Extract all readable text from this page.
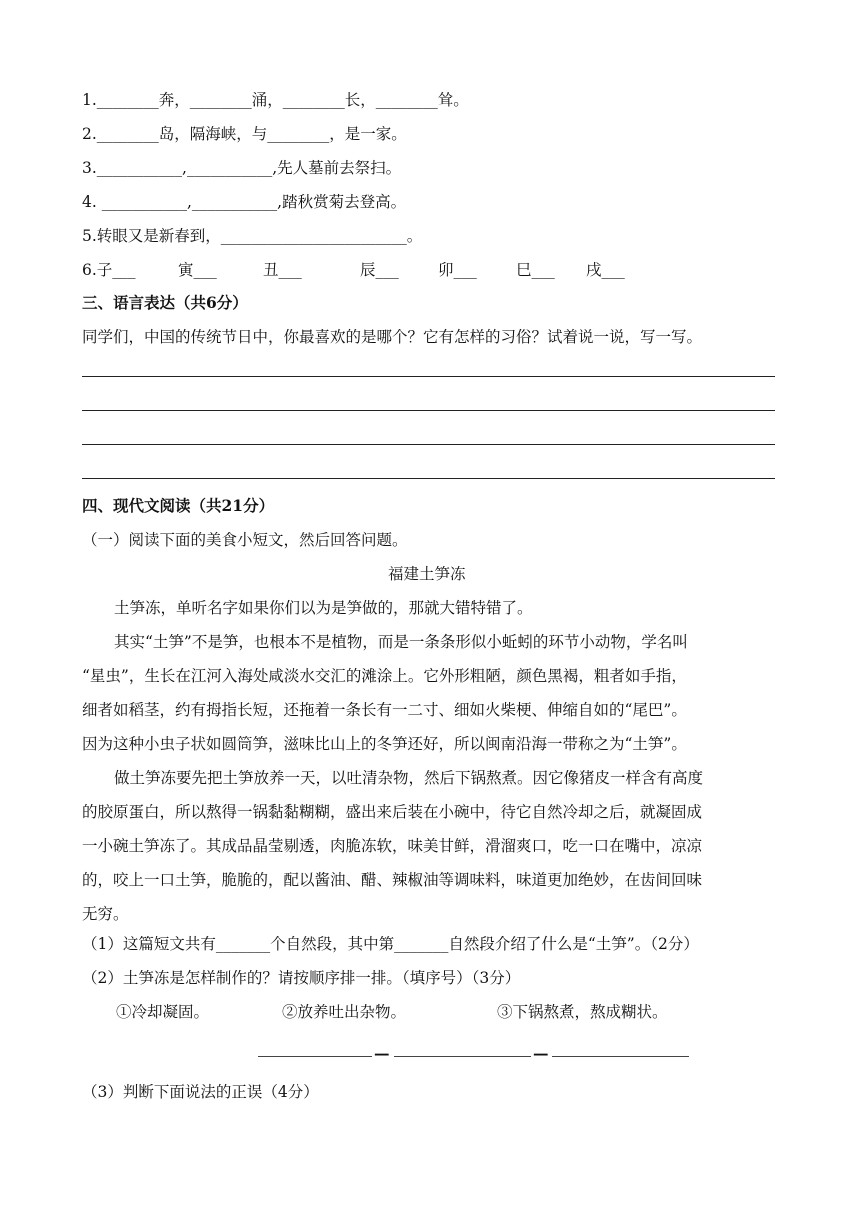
1.________奔，________涌，________长，________耸。
2.________岛，隔海峡，与________，是一家。
3.___________,___________,先人墓前去祭扫。
4. ___________,___________,踏秋赏菊去登高。
5.转眼又是新春到，________________________。
6.子___	寅___	丑___	辰___	卯___	巳___ 戌___
三、语言表达（共6分）
同学们，中国的传统节日中，你最喜欢的是哪个？它有怎样的习俗？试着说一说，写一写。
四、现代文阅读（共21分）
（一）阅读下面的美食小短文，然后回答问题。
福建土笋冻
土笋冻，单听名字如果你们以为是笋做的，那就大错特错了。
其实“土笋”不是笋，也根本不是植物，而是一条条形似小蚯蚓的环节小动物，学名叫
“星虫”，生长在江河入海处咸淡水交汇的滩涂上。它外形粗陋，颜色黑褐，粗者如手指，
细者如稻茎，约有拇指长短，还拖着一条长有一二寸、细如火柴梗、伸缩自如的“尾巴”。
因为这种小虫子状如圆筒笋，滋味比山上的冬笋还好，所以闽南沿海一带称之为“土笋”。
做土笋冻要先把土笋放养一天，以吐清杂物，然后下锅熬煮。因它像猪皮一样含有高度
的胶原蛋白，所以熬得一锅黏黏糊糊，盛出来后装在小碗中，待它自然冷却之后，就凝固成
一小碗土笋冻了。其成品晶莹剔透，肉脆冻软，味美甘鲜，滑溜爽口，吃一口在嘴中，凉凉
的，咬上一口土笋，脆脆的，配以酱油、醋、辣椒油等调味料，味道更加绝妙，在齿间回味
无穷。
（1）这篇短文共有_______个自然段，其中第_______自然段介绍了什么是“土笋”。（2分）
（2）土笋冻是怎样制作的？请按顺序排一排。（填序号）（3分）
①冷却凝固。	②放养吐出杂物。	③下锅熬煮，熬成糊状。
—	—
（3）判断下面说法的正误（4分）
